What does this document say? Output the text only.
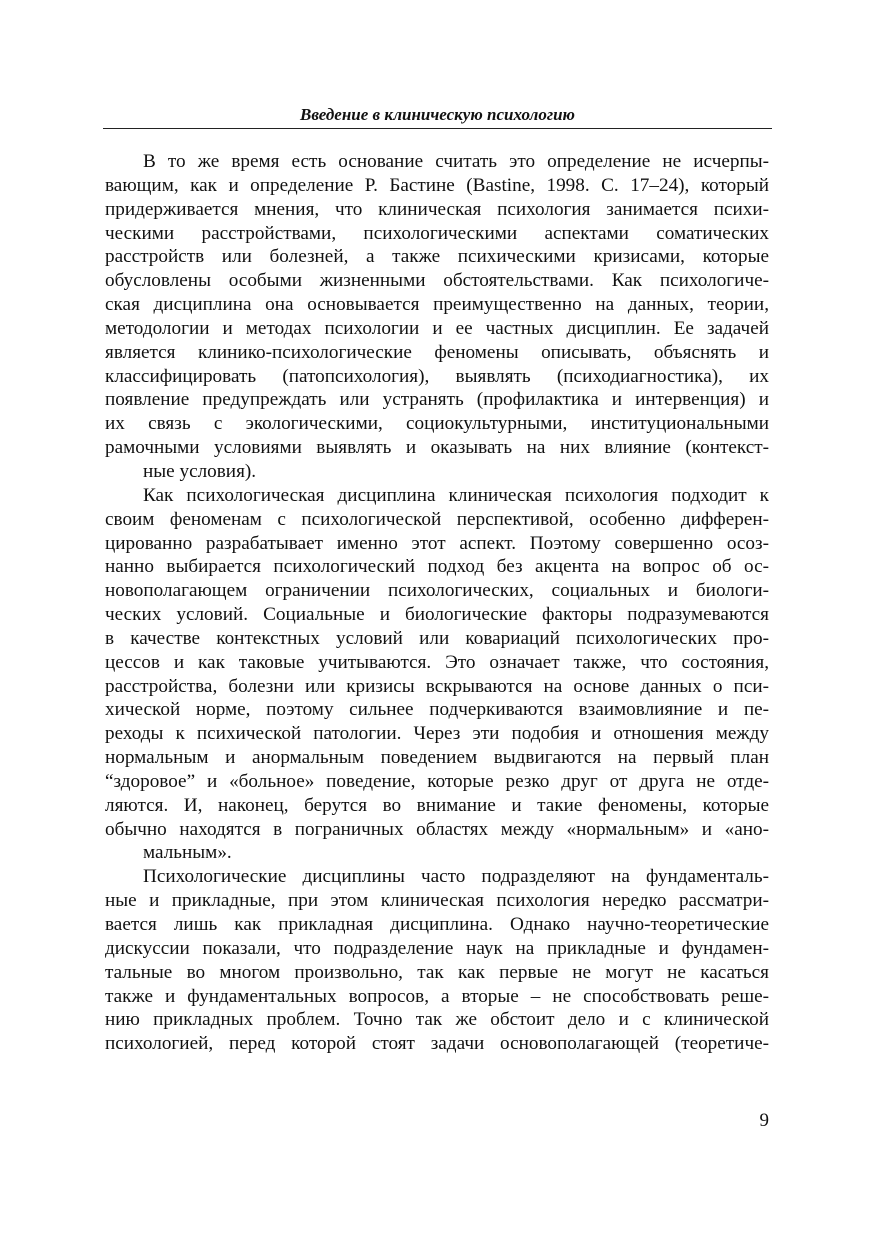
Введение в клиническую психологию

В то же время есть основание считать это определение не исчерпы-вающим, как и определение Р. Бастине (Bastine, 1998. С. 17–24), которыйпридерживается мнения, что клиническая психология занимается психи-ческими расстройствами, психологическими аспектами соматическихрасстройств или болезней, а также психическими кризисами, которыеобусловлены особыми жизненными обстоятельствами. Как психологиче-ская дисциплина она основывается преимущественно на данных, теории,методологии и методах психологии и ее частных дисциплин. Ее задачейявляется клинико-психологические феномены описывать, объяснять иклассифицировать (патопсихология), выявлять (психодиагностика), ихпоявление предупреждать или устранять (профилактика и интервенция) иих связь с экологическими, социокультурными, институциональнымирамочными условиями выявлять и оказывать на них влияние (контекст-
ные условия).

Как психологическая дисциплина клиническая психология подходит ксвоим феноменам с психологической перспективой, особенно дифферен-цированно разрабатывает именно этот аспект. Поэтому совершенно осоз-нанно выбирается психологический подход без акцента на вопрос об ос-новополагающем ограничении психологических, социальных и биологи-ческих условий. Социальные и биологические факторы подразумеваютсяв качестве контекстных условий или ковариаций психологических про-цессов и как таковые учитываются. Это означает также, что состояния,расстройства, болезни или кризисы вскрываются на основе данных о пси-хической норме, поэтому сильнее подчеркиваются взаимовлияние и пе-реходы к психической патологии. Через эти подобия и отношения междунормальным и анормальным поведением выдвигаются на первый план“здоровое” и «больное» поведение, которые резко друг от друга не отде-ляются. И, наконец, берутся во внимание и такие феномены, которыеобычно находятся в пограничных областях между «нормальным» и «ано-
мальным».

Психологические дисциплины часто подразделяют на фундаменталь-ные и прикладные, при этом клиническая психология нередко рассматри-вается лишь как прикладная дисциплина. Однако научно-теоретическиедискуссии показали, что подразделение наук на прикладные и фундамен-тальные во многом произвольно, так как первые не могут не касатьсятакже и фундаментальных вопросов, а вторые – не способствовать реше-нию прикладных проблем. Точно так же обстоит дело и с клиническойпсихологией, перед которой стоят задачи основополагающей (теоретиче-

9
